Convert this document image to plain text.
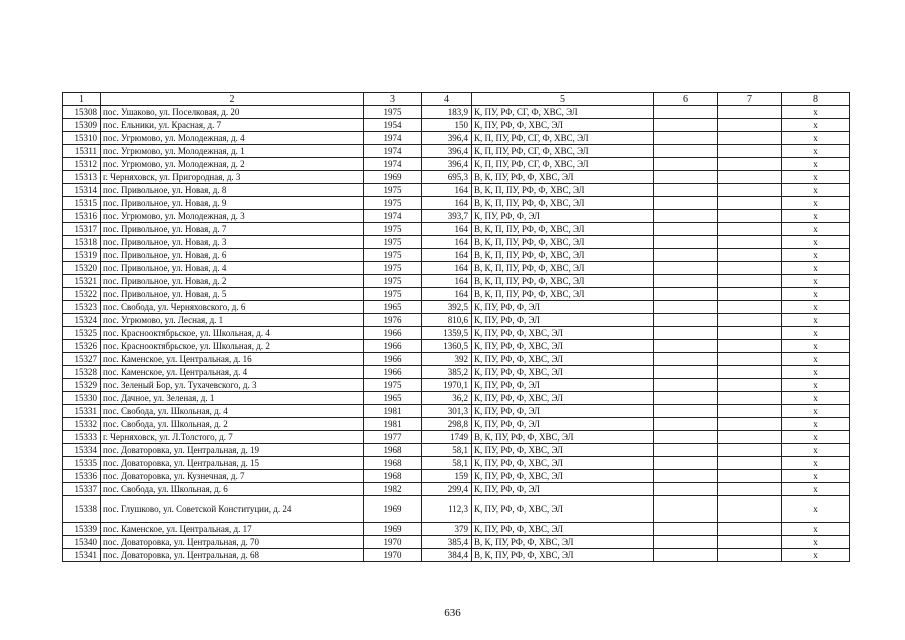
1	2	3	4	5	6	7	8
15308	пос. Ушаково, ул. Поселковая, д. 20	1975	183,9	К, ПУ, РФ, СГ, Ф, ХВС, ЭЛ			x
15309	пос. Ельники, ул. Красная, д. 7	1954	150	К, ПУ, РФ, Ф, ХВС, ЭЛ			x
15310	пос. Угрюмово, ул. Молодежная, д. 4	1974	396,4	К, П, ПУ, РФ, СГ, Ф, ХВС, ЭЛ			x
15311	пос. Угрюмово, ул. Молодежная, д. 1	1974	396,4	К, П, ПУ, РФ, СГ, Ф, ХВС, ЭЛ			x
15312	пос. Угрюмово, ул. Молодежная, д. 2	1974	396,4	К, П, ПУ, РФ, СГ, Ф, ХВС, ЭЛ			x
15313	г. Черняховск, ул. Пригородная, д. 3	1969	695,3	В, К, ПУ, РФ, Ф, ХВС, ЭЛ			x
15314	пос. Привольное, ул. Новая, д. 8	1975	164	В, К, П, ПУ, РФ, Ф, ХВС, ЭЛ			x
15315	пос. Привольное, ул. Новая, д. 9	1975	164	В, К, П, ПУ, РФ, Ф, ХВС, ЭЛ			x
15316	пос. Угрюмово, ул. Молодежная, д. 3	1974	393,7	К, ПУ, РФ, Ф, ЭЛ			x
15317	пос. Привольное, ул. Новая, д. 7	1975	164	В, К, П, ПУ, РФ, Ф, ХВС, ЭЛ			x
15318	пос. Привольное, ул. Новая, д. 3	1975	164	В, К, П, ПУ, РФ, Ф, ХВС, ЭЛ			x
15319	пос. Привольное, ул. Новая, д. 6	1975	164	В, К, П, ПУ, РФ, Ф, ХВС, ЭЛ			x
15320	пос. Привольное, ул. Новая, д. 4	1975	164	В, К, П, ПУ, РФ, Ф, ХВС, ЭЛ			x
15321	пос. Привольное, ул. Новая, д. 2	1975	164	В, К, П, ПУ, РФ, Ф, ХВС, ЭЛ			x
15322	пос. Привольное, ул. Новая, д. 5	1975	164	В, К, П, ПУ, РФ, Ф, ХВС, ЭЛ			x
15323	пос. Свобода, ул. Черняховского, д. 6	1965	392,5	К, ПУ, РФ, Ф, ЭЛ			x
15324	пос. Угрюмово, ул. Лесная, д. 1	1976	810,6	К, ПУ, РФ, Ф, ЭЛ			x
15325	пос. Краснооктябрьское, ул. Школьная, д. 4	1966	1359,5	К, ПУ, РФ, Ф, ХВС, ЭЛ			x
15326	пос. Краснооктябрьское, ул. Школьная, д. 2	1966	1360,5	К, ПУ, РФ, Ф, ХВС, ЭЛ			x
15327	пос. Каменское, ул. Центральная, д. 16	1966	392	К, ПУ, РФ, Ф, ХВС, ЭЛ			x
15328	пос. Каменское, ул. Центральная, д. 4	1966	385,2	К, ПУ, РФ, Ф, ХВС, ЭЛ			x
15329	пос. Зеленый Бор, ул. Тухачевского, д. 3	1975	1970,1	К, ПУ, РФ, Ф, ЭЛ			x
15330	пос. Дачное, ул. Зеленая, д. 1	1965	36,2	К, ПУ, РФ, Ф, ХВС, ЭЛ			x
15331	пос. Свобода, ул. Школьная, д. 4	1981	301,3	К, ПУ, РФ, Ф, ЭЛ			x
15332	пос. Свобода, ул. Школьная, д. 2	1981	298,8	К, ПУ, РФ, Ф, ЭЛ			x
15333	г. Черняховск, ул. Л.Толстого, д. 7	1977	1749	В, К, ПУ, РФ, Ф, ХВС, ЭЛ			x
15334	пос. Доваторовка, ул. Центральная, д. 19	1968	58,1	К, ПУ, РФ, Ф, ХВС, ЭЛ			x
15335	пос. Доваторовка, ул. Центральная, д. 15	1968	58,1	К, ПУ, РФ, Ф, ХВС, ЭЛ			x
15336	пос. Доваторовка, ул. Кузнечная, д. 7	1968	159	К, ПУ, РФ, Ф, ХВС, ЭЛ			x
15337	пос. Свобода, ул. Школьная, д. 6	1982	299,4	К, ПУ, РФ, Ф, ЭЛ			x
15338	пос. Глушково, ул. Советской Конституции, д. 24	1969	112,3	К, ПУ, РФ, Ф, ХВС, ЭЛ			x
15339	пос. Каменское, ул. Центральная, д. 17	1969	379	К, ПУ, РФ, Ф, ХВС, ЭЛ			x
15340	пос. Доваторовка, ул. Центральная, д. 70	1970	385,4	В, К, ПУ, РФ, Ф, ХВС, ЭЛ			x
15341	пос. Доваторовка, ул. Центральная, д. 68	1970	384,4	В, К, ПУ, РФ, Ф, ХВС, ЭЛ			x
636
